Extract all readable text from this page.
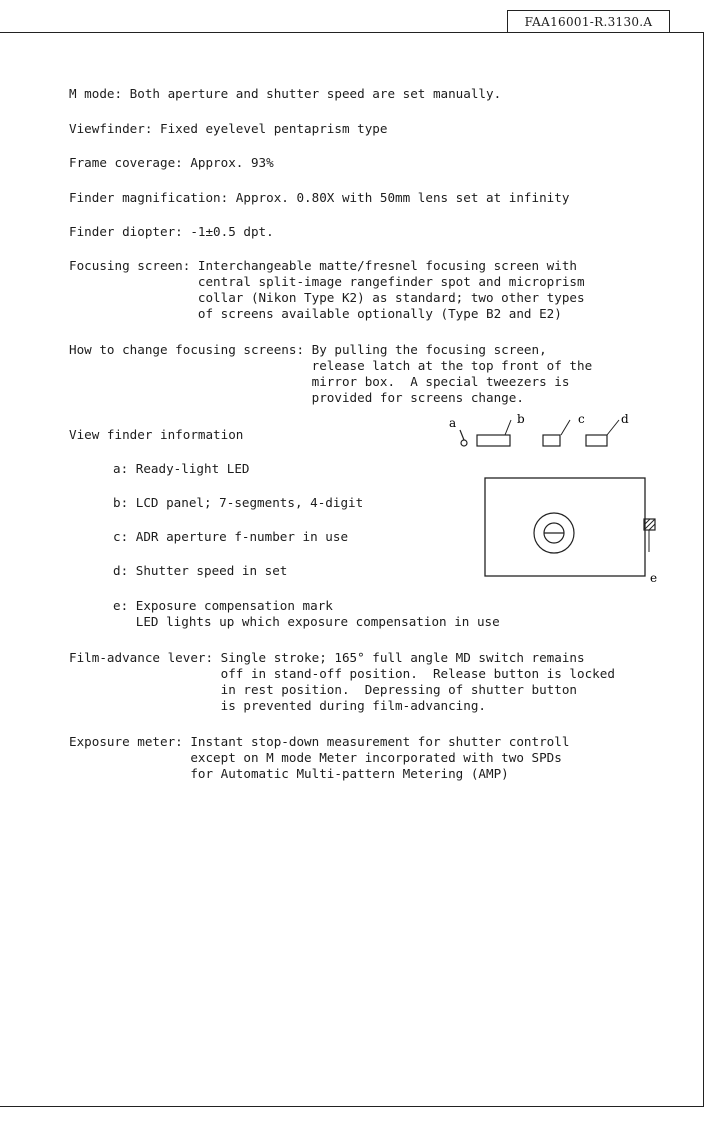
FAA16001-R.3130.A
M mode: Both aperture and shutter speed are set manually.
Viewfinder: Fixed eyelevel pentaprism type
Frame coverage: Approx. 93%
Finder magnification: Approx. 0.80X with 50mm lens set at infinity
Finder diopter: -1±0.5 dpt.
Focusing screen: Interchangeable matte/fresnel focusing screen with
central split-image rangefinder spot and microprism
collar (Nikon Type K2) as standard; two other types
of screens available optionally (Type B2 and E2)
How to change focusing screens: By pulling the focusing screen,
release latch at the top front of the
mirror box.  A special tweezers is
provided for screens change.
View finder information
a: Ready-light LED
b: LCD panel; 7-segments, 4-digit
c: ADR aperture f-number in use
d: Shutter speed in set
e: Exposure compensation mark
LED lights up which exposure compensation in use
Film-advance lever: Single stroke; 165° full angle MD switch remains
off in stand-off position.  Release button is locked
in rest position.  Depressing of shutter button
is prevented during film-advancing.
Exposure meter: Instant stop-down measurement for shutter controll
except on M mode Meter incorporated with two SPDs
for Automatic Multi-pattern Metering (AMP)
a	b	c	d
e
